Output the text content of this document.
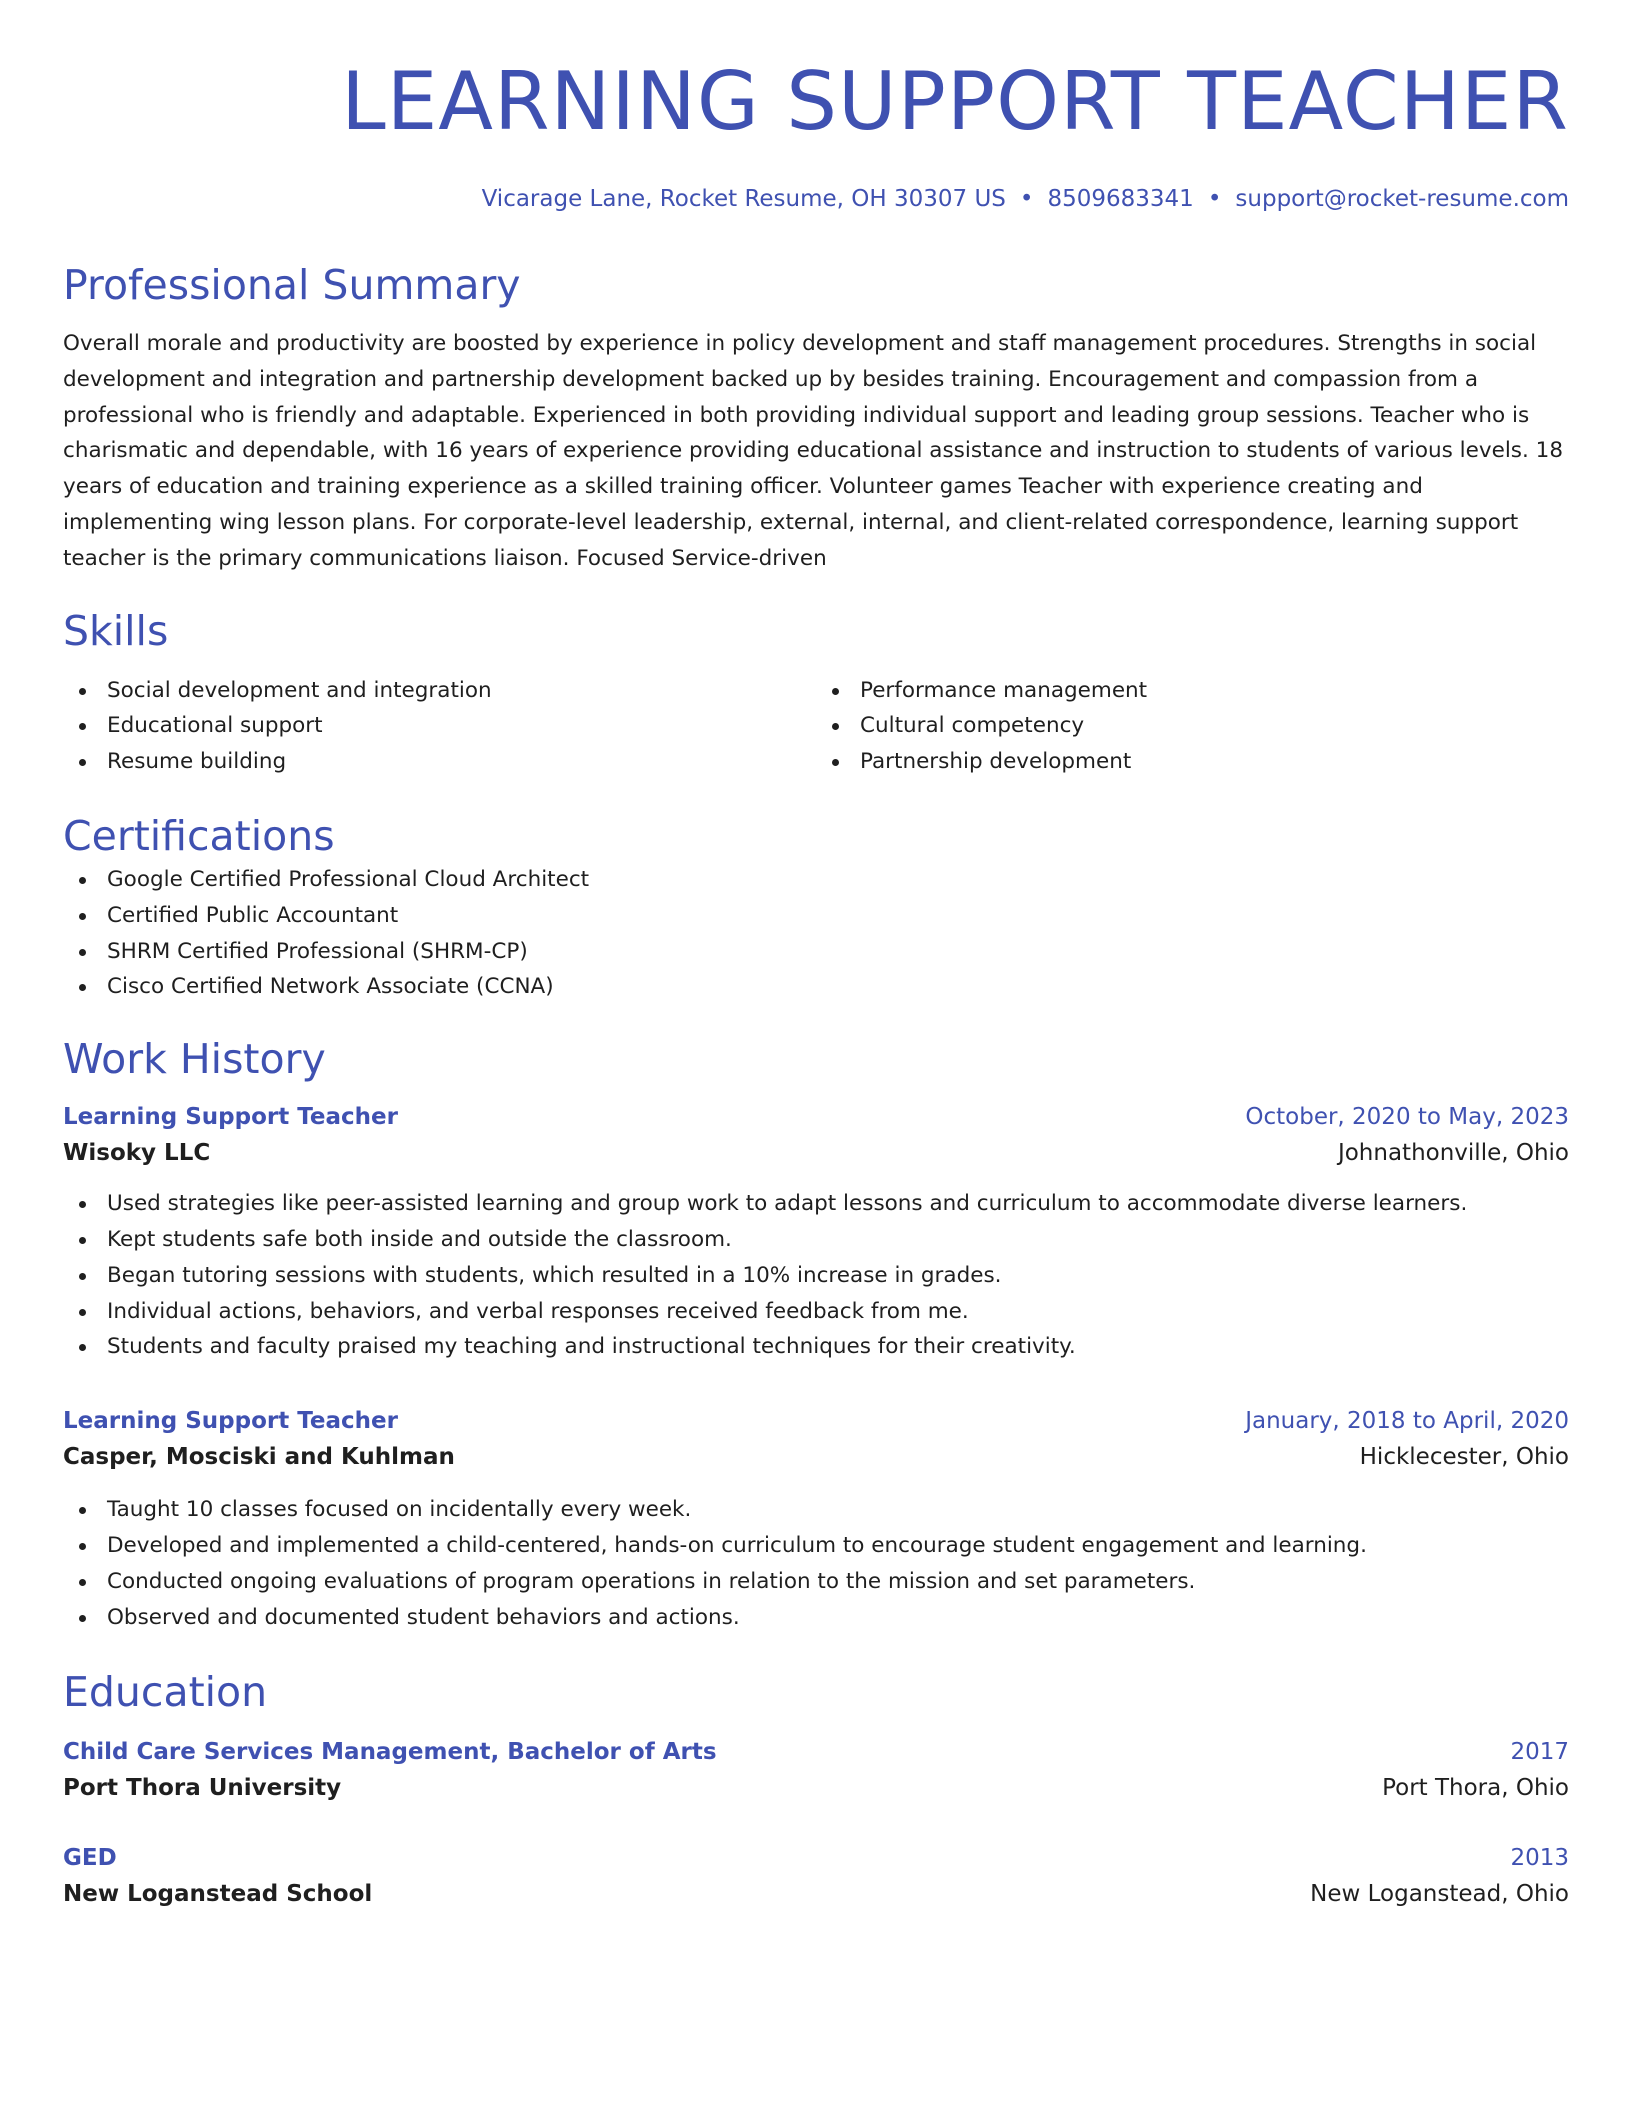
LEARNING SUPPORT TEACHER
Vicarage Lane, Rocket Resume, OH 30307 US • 8509683341 • support@rocket-resume.com
Professional Summary
Overall morale and productivity are boosted by experience in policy development and staff management procedures. Strengths in social development and integration and partnership development backed up by besides training. Encouragement and compassion from a professional who is friendly and adaptable. Experienced in both providing individual support and leading group sessions. Teacher who is charismatic and dependable, with 16 years of experience providing educational assistance and instruction to students of various levels. 18 years of education and training experience as a skilled training officer. Volunteer games Teacher with experience creating and implementing wing lesson plans. For corporate-level leadership, external, internal, and client-related correspondence, learning support teacher is the primary communications liaison. Focused Service-driven
Skills
Social development and integration
Educational support
Resume building
Performance management
Cultural competency
Partnership development
Certifications
Google Certified Professional Cloud Architect
Certified Public Accountant
SHRM Certified Professional (SHRM-CP)
Cisco Certified Network Associate (CCNA)
Work History
Learning Support Teacher	October, 2020 to May, 2023
Wisoky LLC	Johnathonville, Ohio
Used strategies like peer-assisted learning and group work to adapt lessons and curriculum to accommodate diverse learners.
Kept students safe both inside and outside the classroom.
Began tutoring sessions with students, which resulted in a 10% increase in grades.
Individual actions, behaviors, and verbal responses received feedback from me.
Students and faculty praised my teaching and instructional techniques for their creativity.
Learning Support Teacher	January, 2018 to April, 2020
Casper, Mosciski and Kuhlman	Hicklecester, Ohio
Taught 10 classes focused on incidentally every week.
Developed and implemented a child-centered, hands-on curriculum to encourage student engagement and learning.
Conducted ongoing evaluations of program operations in relation to the mission and set parameters.
Observed and documented student behaviors and actions.
Education
Child Care Services Management, Bachelor of Arts	2017
Port Thora University	Port Thora, Ohio
GED	2013
New Loganstead School	New Loganstead, Ohio
